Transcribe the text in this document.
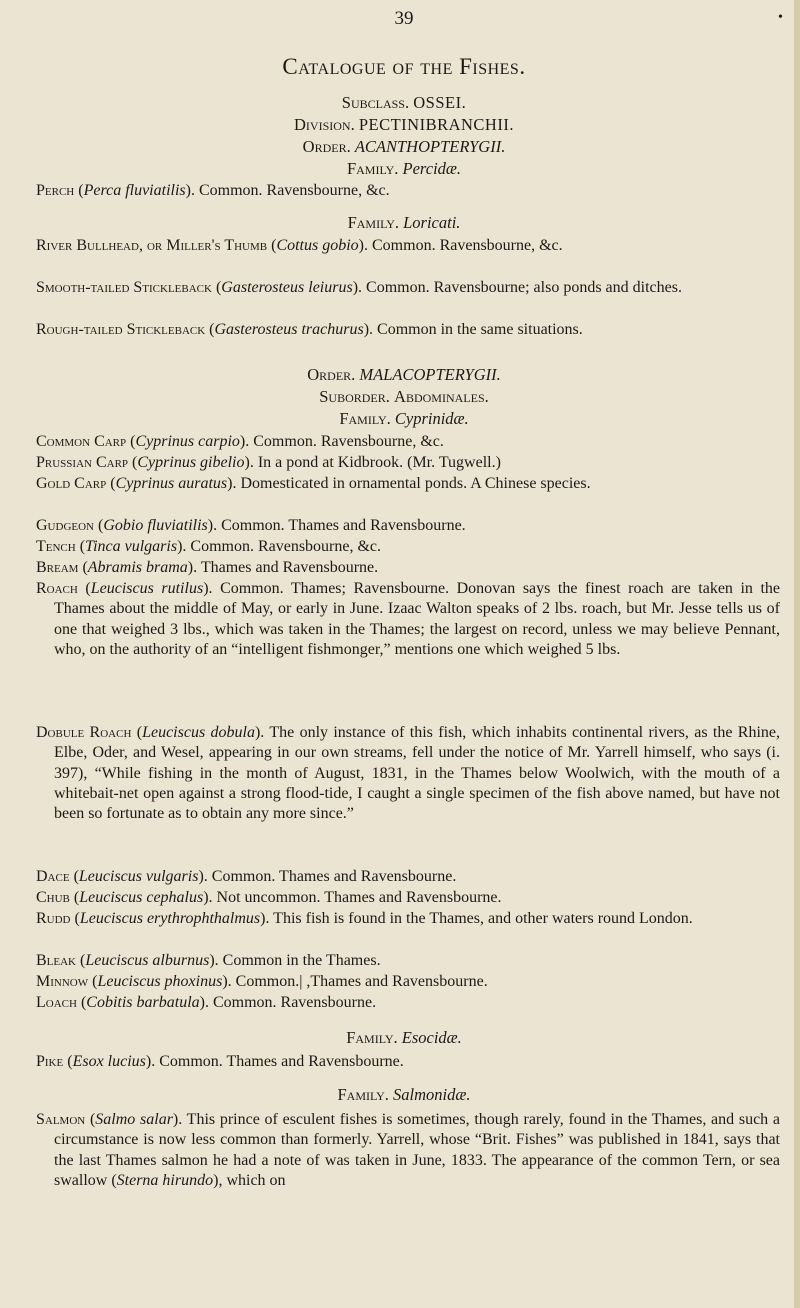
39	•
Catalogue of the Fishes.
Subclass. OSSEI.
Division. PECTINIBRANCHII.
Order. ACANTHOPTERYGII.
Family. Percidæ.
Perch (Perca fluviatilis). Common. Ravensbourne, &c.
Family. Loricati.
River Bullhead, or Miller's Thumb (Cottus gobio). Common. Ravensbourne, &c.
Smooth-tailed Stickleback (Gasterosteus leiurus). Common. Ravensbourne; also ponds and ditches.
Rough-tailed Stickleback (Gasterosteus trachurus). Common in the same situations.
Order. MALACOPTERYGII.
Suborder. Abdominales.
Family. Cyprinidæ.
Common Carp (Cyprinus carpio). Common. Ravensbourne, &c.
Prussian Carp (Cyprinus gibelio). In a pond at Kidbrook. (Mr. Tugwell.)
Gold Carp (Cyprinus auratus). Domesticated in ornamental ponds. A Chinese species.
Gudgeon (Gobio fluviatilis). Common. Thames and Ravensbourne.
Tench (Tinca vulgaris). Common. Ravensbourne, &c.
Bream (Abramis brama). Thames and Ravensbourne.
Roach (Leuciscus rutilus). Common. Thames; Ravensbourne. Donovan says the finest roach are taken in the Thames about the middle of May, or early in June. Izaac Walton speaks of 2 lbs. roach, but Mr. Jesse tells us of one that weighed 3 lbs., which was taken in the Thames; the largest on record, unless we may believe Pennant, who, on the authority of an “intelligent fishmonger,” mentions one which weighed 5 lbs.
Dobule Roach (Leuciscus dobula). The only instance of this fish, which inhabits continental rivers, as the Rhine, Elbe, Oder, and Wesel, appearing in our own streams, fell under the notice of Mr. Yarrell himself, who says (i. 397), “While fishing in the month of August, 1831, in the Thames below Woolwich, with the mouth of a whitebait-net open against a strong flood-tide, I caught a single specimen of the fish above named, but have not been so fortunate as to obtain any more since.”
Dace (Leuciscus vulgaris). Common. Thames and Ravensbourne.
Chub (Leuciscus cephalus). Not uncommon. Thames and Ravensbourne.
Rudd (Leuciscus erythrophthalmus). This fish is found in the Thames, and other waters round London.
Bleak (Leuciscus alburnus). Common in the Thames.
Minnow (Leuciscus phoxinus). Common.| ,Thames and Ravensbourne.
Loach (Cobitis barbatula). Common. Ravensbourne.
Family. Esocidæ.
Pike (Esox lucius). Common. Thames and Ravensbourne.
Family. Salmonidæ.
Salmon (Salmo salar). This prince of esculent fishes is sometimes, though rarely, found in the Thames, and such a circumstance is now less common than formerly. Yarrell, whose “Brit. Fishes” was published in 1841, says that the last Thames salmon he had a note of was taken in June, 1833. The appearance of the common Tern, or sea swallow (Sterna hirundo), which on
